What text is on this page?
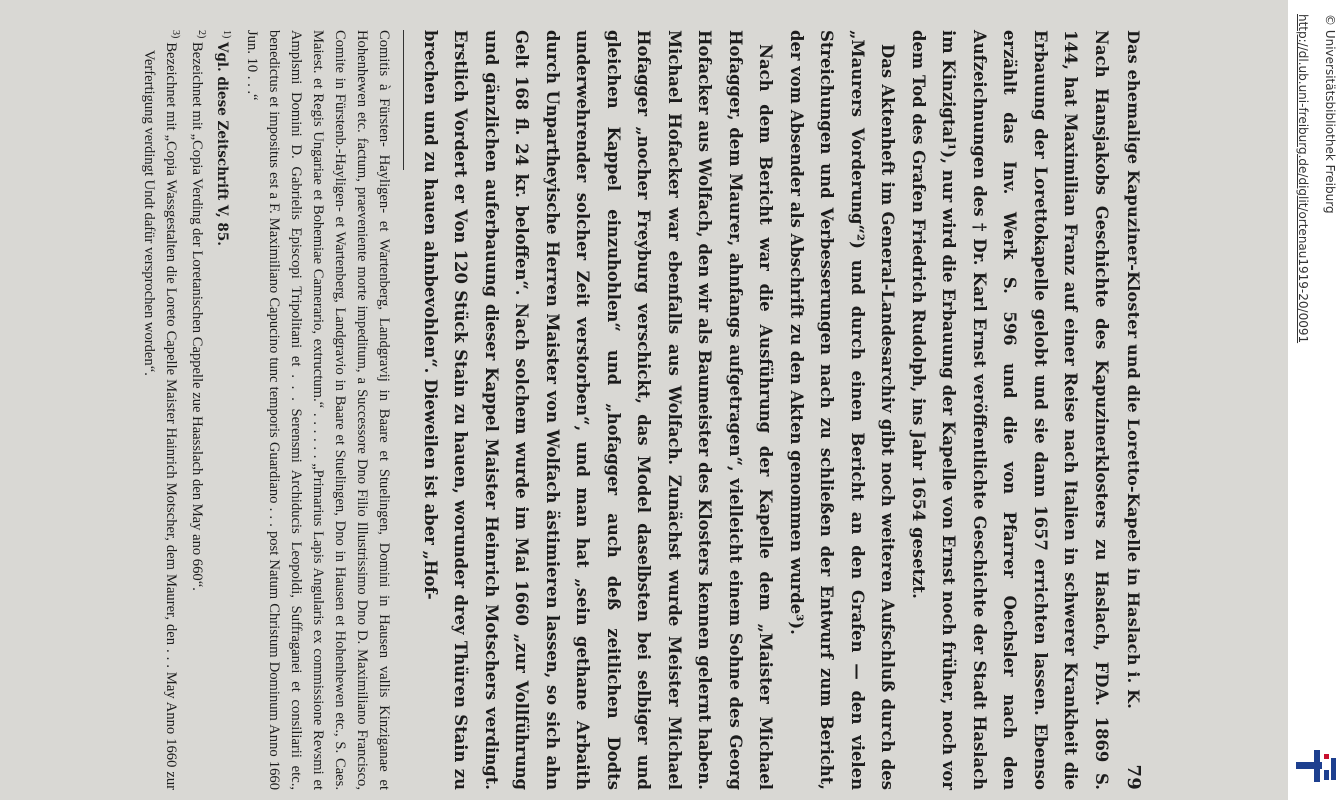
Das ehemalige Kapuziner-Kloster und die Loretto-Kapelle in Haslach i. K.
79

Nach Hansjakobs Geschichte des Kapuzinerklosters zu Haslach, FDA. 1869 S. 144, hat Maximilian Franz auf einer Reise nach Italien in schwerer Krankheit die Erbauung der Lorettokapelle gelobt und sie dann 1657 errichten lassen. Ebenso erzählt das Inv. Werk S. 596 und die von Pfarrer Oechsler nach den Aufzeichnungen des † Dr. Karl Ernst veröffentlichte Geschichte der Stadt Haslach im Kinzigtal¹), nur wird die Erbauung der Kapelle von Ernst noch früher, noch vor dem Tod des Grafen Friedrich Rudolph, ins Jahr 1654 gesetzt.

Das Aktenheft im General-Landesarchiv gibt noch weiteren Aufschluß durch des „Maurers Vorderung“²) und durch einen Bericht an den Grafen — den vielen Streichungen und Verbesserungen nach zu schließen der Entwurf zum Bericht, der vom Absender als Abschrift zu den Akten genommen wurde³).

Nach dem Bericht war die Ausführung der Kapelle dem „Maister Michael Hofagger, dem Maurer, ahnfangs aufgetragen“, vielleicht einem Sohne des Georg Hofacker aus Wolfach, den wir als Baumeister des Klosters kennen gelernt haben. Michael Hofacker war ebenfalls aus Wolfach. Zunächst wurde Meister Michael Hofagger „nocher Freyburg verschickt, das Model daselbsten bei selbiger und gleichen Kappel einzuhohlen“ und „hofagger auch deß zeitlichen Dodts underwehrender solcher Zeit verstorben“, und man hat „sein gethane Arbaith durch Unpartheyische Herren Maister von Wolfach ästimieren lassen, so sich ahn Gelt 168 fl. 24 kr. beloffen“. Nach solchem wurde im Mai 1660 „zur Vollführung und gänzlichen auferbauung dieser Kappel Maister Heinrich Motschers verdingt. Erstlich Vordert er Von 120 Stück Stain zu hauen, worunder drey Thüren Stain zu brechen und zu hauen ahnbevohlen“. Dieweilen ist aber „Hof-

Comitis à Fürsten- Hayligen- et Wartenberg, Landgravij in Baare et Stuelingen, Domini in Hausen vallis Kinziganae et Hohenhewen etc. factum, praeveniente morte impeditum, a Successore Dno Filio Illustrissimo Dno D. Maximiliano Francisco, Comite in Fürstenb.-Hayligen- et Wartenberg, Landgravio in Baare et Stuelingen, Dno in Hausen et Hohenhewen etc., S. Caes. Maiest. et Regis Ungariae et Bohemiae Camerario, extructum.“ . . . . . . „Primarius Lapis Angularis ex commissione Revsmi et Amplsmi Domini D. Gabrielis Episcopi Tripolitani et . . . Serensmi Archiducis Leopoldi, Suffraganei et consiliarii etc., benedictus et impositus est a F. Maximiliano Capucino tunc temporis Guardiano . . . post Natum Christum Dominum Anno 1660 Jun. 10 . . .“

$^{1)}$ Vgl. diese Zeitschrift V, 85.
$^{2)}$ Bezeichnet mit „Copia Verding der Loretanischen Cappelle zue Haasslach den May ano 660“.
$^{3)}$ Bezeichnet mit „Copia Wassgestalten die Loreto Capelle Maister Hainrich Motscher, dem Maurer, den . . . May Anno 1660 zur Verfertigung verdingt Undt dafür versprochen worden“.	http://dl.ub.uni-freiburg.de/diglit/ortenau1919-20/0091 © Universitätsbibliothek Freiburg
